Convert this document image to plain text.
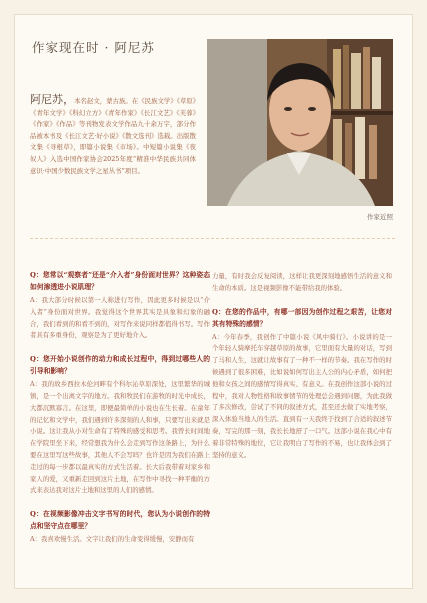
作家现在时 · 阿尼苏
作家近照
阿尼苏，本名赵文，蒙古族。在《民族文学》《草原》《青年文学》《科幻立方》《青年作家》《长江文艺》《芙蓉》《作家》《作品》等刊物发表文学作品九十余万字，部分作品被本书及《长江文艺·好小说》《散文选刊》选载。出版散文集《寻根草》，即篇小说集《市场》。中短篇小说集《夜奴人》入选中国作家协会2025年度“精准中华民族共同体意识·中国少数民族文学之星丛书”项目。
Q：您常以“观察者”还是“介入者”身份面对世界？这种姿态如何渗透进小说肌理？
A：我大部分时候以第一人称进行写作，因此更多时候是以“介入者”身份面对世界。我觉得这个世界其实是具象和幻象的融合，我们看到的和看不到的，对写作来说同样都值得书写。写作者具有多重身份，观察是为了更好地介入。
Q：您开始小说创作的动力和成长过程中，得到过哪些人的引导和影响？
A：我的故乡西拉木伦河畔有个科尔沁草原深处，这里繁华的城镇，是一个出离文字的地方。我和牧民们在游牧的时光中成长，大都沉默寡言。在这里，即便最简单的小说也在生长着。在童年的记忆和文学中，我们遇到许多深刻的人和事，只要写出来就是小说。这让我从小对生命有了特殊的感受和思考。我曾长时间地在学院里坐下来，经常想我为什么会走到写作这条路上，为什么要在这里写这些故事，其他人不会写吗？也许是因为我们在路上走过的每一步都以最真实的方式生活着。长大后我带着对家乡和家人的爱，又重新走回到这片土地，在写作中寻找一种平衡的方式来表达我对这片土地和这里的人们的感情。
Q：在视频影像冲击文字书写的时代，您认为小说创作的特点和坚守点在哪里？
A：我喜欢慢生活。文字让我们的生命变得缓慢，安静而有
力量，有时我会反复阅读，这样让我更深刻地感悟生活的意义和生命的本质。这是视频影像不能带给我的体验。
Q：在您的作品中，有哪一部因为创作过程之艰苦，让您对其有特殊的感情？
A：今年春季，我创作了中篇小说《风中骑行》。小说讲的是一个年轻人骑摩托车穿越草原的故事，它里面有大量的对话，写到了马和人生，这就让故事有了一种不一样的节奏。我在写作的时候遇到了很多困难，比如说如何写出主人公的内心矛盾，如何把他和女孩之间的感情写得真实、有意义。在我创作这部小说的过程中，我对人物性格和故事情节的处理总会遇到问题，为此我做了多次修改，尝试了不同的叙述方式，甚至还去做了实地考察，深入体验当地人的生活。直到有一天我终于找到了合适的叙述节奏，写完的那一刻，我长长地舒了一口气。这部小说在我心中有着非常特殊的地位，它让我明白了写作的不易，也让我体会到了坚持的意义。
